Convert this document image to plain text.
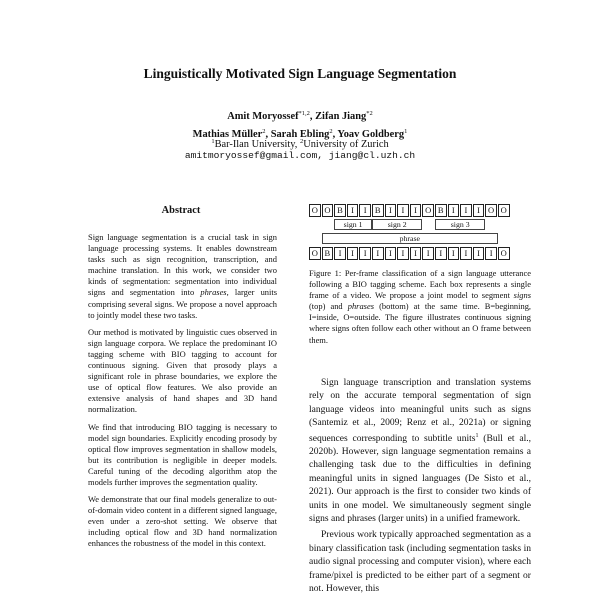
Linguistically Motivated Sign Language Segmentation
Amit Moryossef$^{*1,2}$, Zifan Jiang$^{*2}$
Mathias Müller$^2$, Sarah Ebling$^2$, Yoav Goldberg$^1$
$^1$Bar-Ilan University, $^2$University of Zurich
amitmoryossef@gmail.com, jiang@cl.uzh.ch
Abstract

Sign language segmentation is a crucial task in sign language processing systems. It enables downstream tasks such as sign recognition, transcription, and machine translation. In this work, we consider two kinds of segmentation: segmentation into individual signs and segmentation into phrases, larger units comprising several signs. We propose a novel approach to jointly model these two tasks.

Our method is motivated by linguistic cues observed in sign language corpora. We replace the predominant IO tagging scheme with BIO tagging to account for continuous signing. Given that prosody plays a significant role in phrase boundaries, we explore the use of optical flow features. We also provide an extensive analysis of hand shapes and 3D hand normalization.

We find that introducing BIO tagging is necessary to model sign boundaries. Explicitly encoding prosody by optical flow improves segmentation in shallow models, but its contribution is negligible in deeper models. Careful tuning of the decoding algorithm atop the models further improves the segmentation quality.

We demonstrate that our final models generalize to out-of-domain video content in a different signed language, even under a zero-shot setting. We observe that including optical flow and 3D hand normalization enhances the robustness of the model in this context.

O O B I	I B I	I	I O B I	I	I O O
sign 1	sign 2	sign 3
phrase
O B I	I	I	I	I	I	I	I	I	I	I	I	I O
Figure 1: Per-frame classification of a sign language utterance following a BIO tagging scheme. Each box represents a single frame of a video. We propose a joint model to segment signs (top) and phrases (bottom) at the same time. B=beginning, I=inside, O=outside. The figure illustrates continuous signing where signs often follow each other without an O frame between them.

Sign language transcription and translation systems rely on the accurate temporal segmentation of sign language videos into meaningful units such as signs (Santemiz et al., 2009; Renz et al., 2021a) or signing sequences corresponding to subtitle units$^1$ (Bull et al., 2020b). However, sign language segmentation remains a challenging task due to the difficulties in defining meaningful units in signed languages (De Sisto et al., 2021). Our approach is the first to consider two kinds of units in one model. We simultaneously segment single signs and phrases (larger units) in a unified framework.

Previous work typically approached segmentation as a binary classification task (including segmentation tasks in audio signal processing and computer vision), where each frame/pixel is predicted to be either part of a segment or not. However, this
